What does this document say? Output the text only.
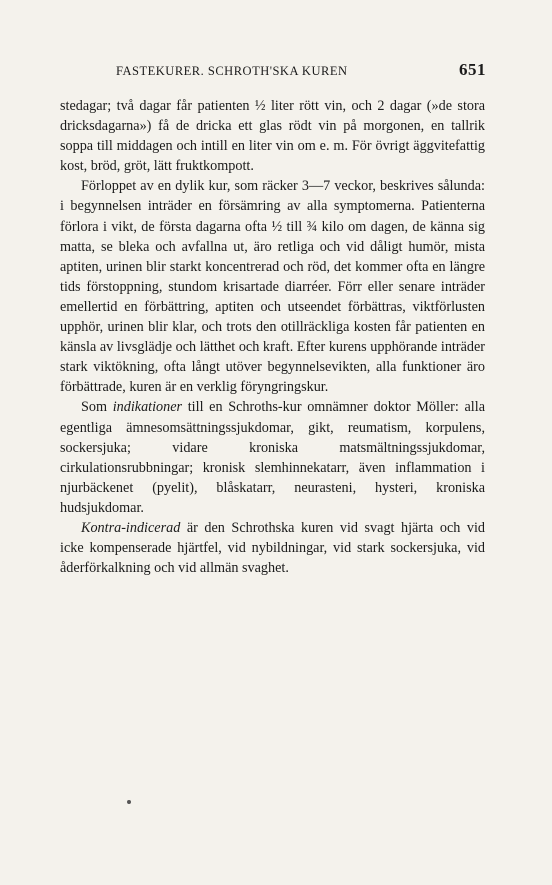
FASTEKURER. SCHROTH'SKA KUREN	651

stedagar; två dagar får patienten ½ liter rött vin, och 2 dagar (»de stora dricksdagarna») få de dricka ett glas rödt vin på morgonen, en tallrik soppa till middagen och intill en liter vin om e. m. För övrigt äggvitefattig kost, bröd, gröt, lätt fruktkompott.

Förloppet av en dylik kur, som räcker 3—7 veckor, beskrives sålunda: i begynnelsen inträder en försämring av alla symptomerna. Patienterna förlora i vikt, de första dagarna ofta ½ till ¾ kilo om dagen, de känna sig matta, se bleka och avfallna ut, äro retliga och vid dåligt humör, mista aptiten, urinen blir starkt koncentrerad och röd, det kommer ofta en längre tids förstoppning, stundom krisartade diarréer. Förr eller senare inträder emellertid en förbättring, aptiten och utseendet förbättras, viktförlusten upphör, urinen blir klar, och trots den otillräckliga kosten får patienten en känsla av livsglädje och lätthet och kraft. Efter kurens upphörande inträder stark viktökning, ofta långt utöver begynnelsevikten, alla funktioner äro förbättrade, kuren är en verklig föryngringskur.

Som indikationer till en Schroths-kur omnämner doktor Möller: alla egentliga ämnesomsättningssjukdomar, gikt, reumatism, korpulens, sockersjuka; vidare kroniska matsmältningssjukdomar, cirkulationsrubbningar; kronisk slemhinnekatarr, även inflammation i njurbäckenet (pyelit), blåskatarr, neurasteni, hysteri, kroniska hudsjukdomar.

Kontra-indicerad är den Schrothska kuren vid svagt hjärta och vid icke kompenserade hjärtfel, vid nybildningar, vid stark sockersjuka, vid åderförkalkning och vid allmän svaghet.
